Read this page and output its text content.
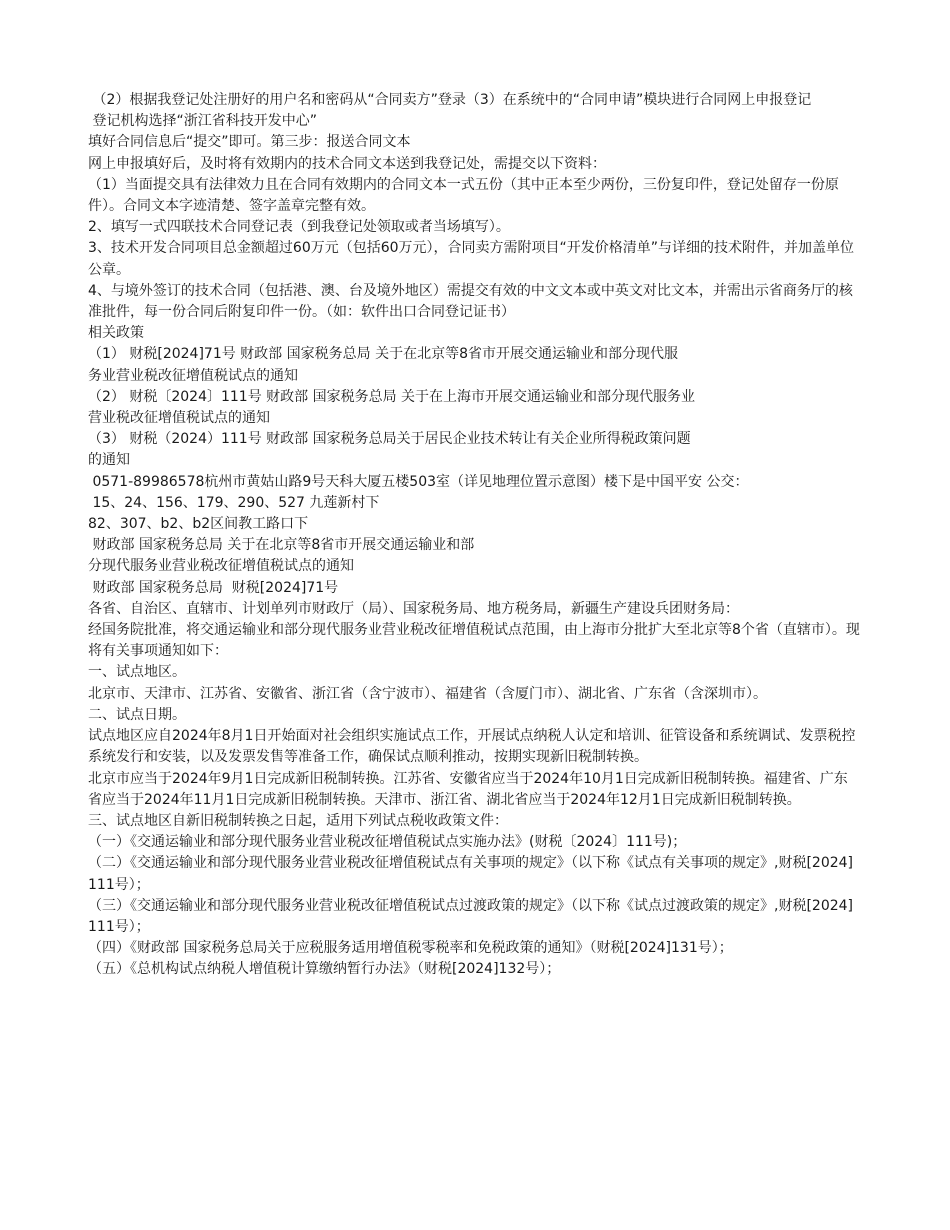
（2）根据我登记处注册好的用户名和密码从“合同卖方”登录（3）在系统中的“合同申请”模块进行合同网上申报登记
登记机构选择“浙江省科技开发中心”
填好合同信息后“提交”即可。第三步：报送合同文本
网上申报填好后，及时将有效期内的技术合同文本送到我登记处，需提交以下资料：
（1）当面提交具有法律效力且在合同有效期内的合同文本一式五份（其中正本至少两份，三份复印件，登记处留存一份原件）。合同文本字迹清楚、签字盖章完整有效。
2、填写一式四联技术合同登记表（到我登记处领取或者当场填写）。
3、技术开发合同项目总金额超过60万元（包括60万元），合同卖方需附项目“开发价格清单”与详细的技术附件，并加盖单位公章。
4、与境外签订的技术合同（包括港、澳、台及境外地区）需提交有效的中文文本或中英文对比文本，并需出示省商务厅的核准批件，每一份合同后附复印件一份。（如：软件出口合同登记证书）
相关政策
（1） 财税[2024]71号 财政部 国家税务总局 关于在北京等8省市开展交通运输业和部分现代服
务业营业税改征增值税试点的通知
（2） 财税〔2024〕111号 财政部 国家税务总局 关于在上海市开展交通运输业和部分现代服务业
营业税改征增值税试点的通知
（3） 财税（2024）111号 财政部 国家税务总局关于居民企业技术转让有关企业所得税政策问题
的通知
0571-89986578杭州市黄姑山路9号天科大厦五楼503室（详见地理位置示意图）楼下是中国平安 公交：
15、24、156、179、290、527 九莲新村下
82、307、b2、b2区间教工路口下
财政部 国家税务总局 关于在北京等8省市开展交通运输业和部
分现代服务业营业税改征增值税试点的通知
财政部 国家税务总局  财税[2024]71号
各省、自治区、直辖市、计划单列市财政厅（局）、国家税务局、地方税务局，新疆生产建设兵团财务局：
经国务院批准，将交通运输业和部分现代服务业营业税改征增值税试点范围，由上海市分批扩大至北京等8个省（直辖市）。现将有关事项通知如下：
一、试点地区。
北京市、天津市、江苏省、安徽省、浙江省（含宁波市）、福建省（含厦门市）、湖北省、广东省（含深圳市）。
二、试点日期。
试点地区应自2024年8月1日开始面对社会组织实施试点工作，开展试点纳税人认定和培训、征管设备和系统调试、发票税控系统发行和安装，以及发票发售等准备工作，确保试点顺利推动，按期实现新旧税制转换。
北京市应当于2024年9月1日完成新旧税制转换。江苏省、安徽省应当于2024年10月1日完成新旧税制转换。福建省、广东省应当于2024年11月1日完成新旧税制转换。天津市、浙江省、湖北省应当于2024年12月1日完成新旧税制转换。
三、试点地区自新旧税制转换之日起，适用下列试点税收政策文件：
（一）《交通运输业和部分现代服务业营业税改征增值税试点实施办法》(财税〔2024〕111号)；
（二）《交通运输业和部分现代服务业营业税改征增值税试点有关事项的规定》（以下称《试点有关事项的规定》,财税[2024]111号）；
（三）《交通运输业和部分现代服务业营业税改征增值税试点过渡政策的规定》（以下称《试点过渡政策的规定》,财税[2024]111号）；
（四）《财政部 国家税务总局关于应税服务适用增值税零税率和免税政策的通知》（财税[2024]131号）；
（五）《总机构试点纳税人增值税计算缴纳暂行办法》（财税[2024]132号）；
